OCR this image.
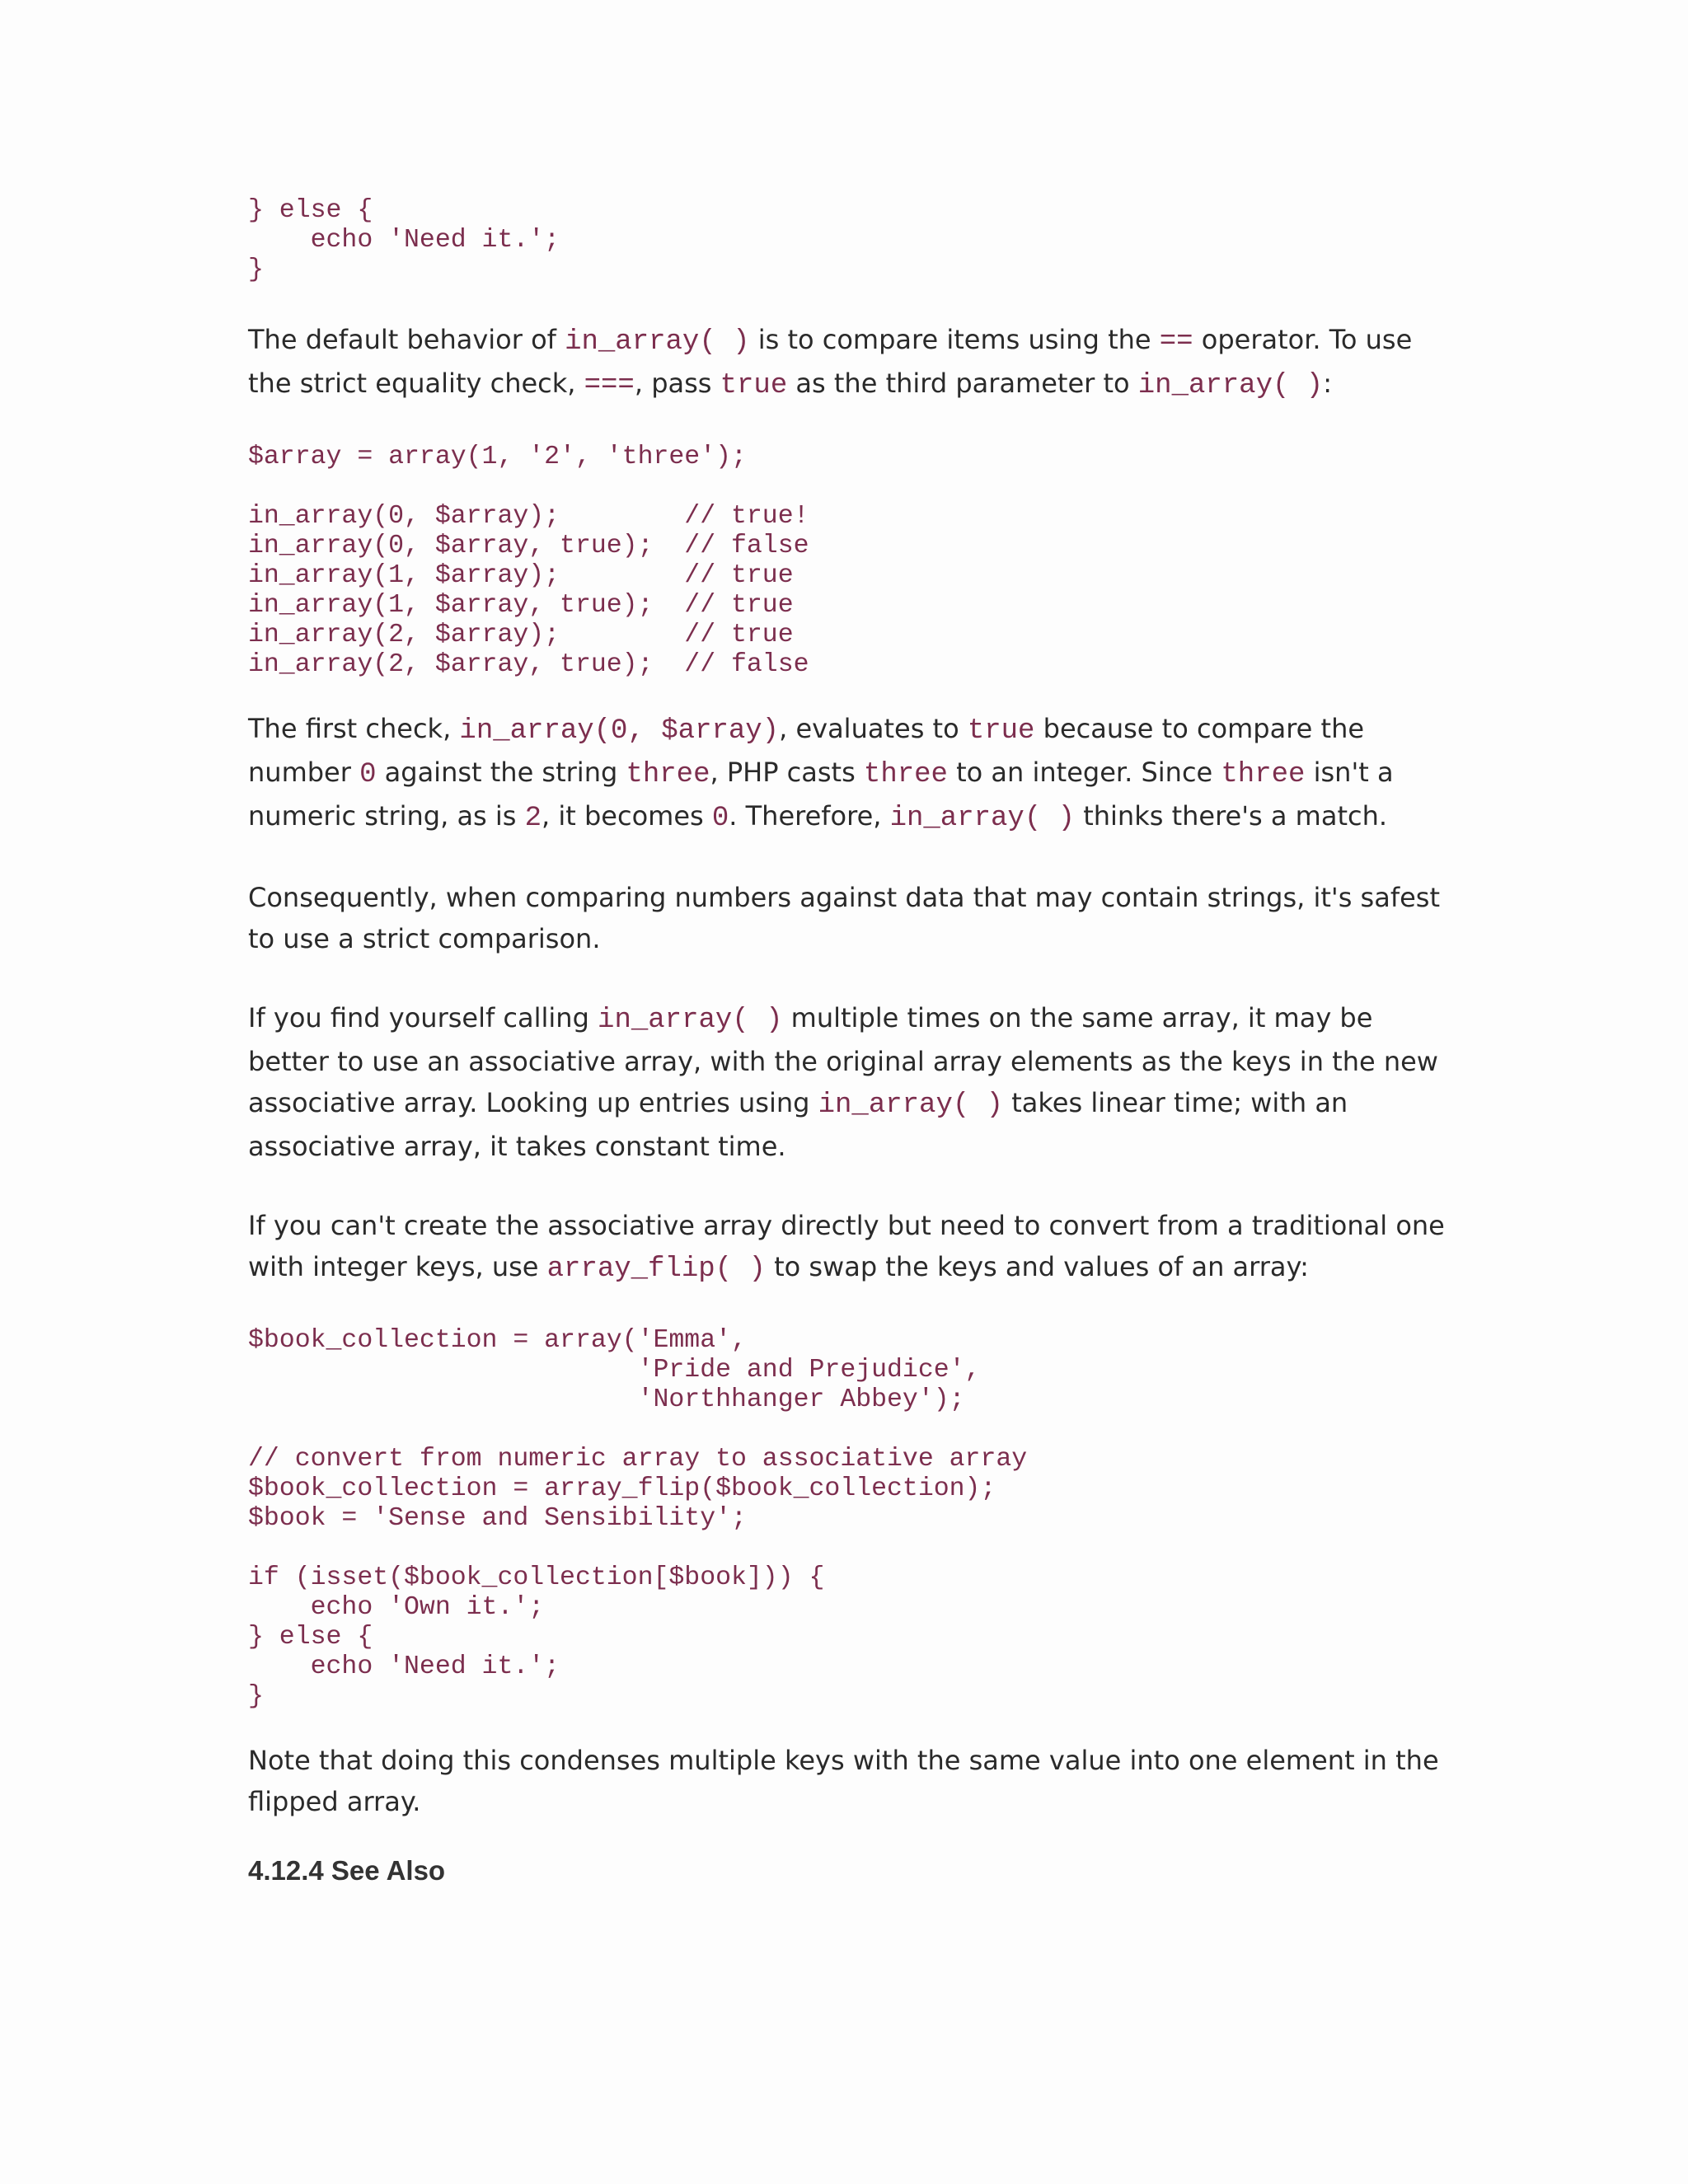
} else {
echo 'Need it.';
}

The default behavior of in_array( ) is to compare items using the == operator. To use the strict equality check, ===, pass true as the third parameter to in_array( ):

$array = array(1, '2', 'three');

in_array(0, $array);        // true!
in_array(0, $array, true);  // false
in_array(1, $array);        // true
in_array(1, $array, true);  // true
in_array(2, $array);        // true
in_array(2, $array, true);  // false

The first check, in_array(0, $array), evaluates to true because to compare the number 0 against the string three, PHP casts three to an integer. Since three isn't a numeric string, as is 2, it becomes 0. Therefore, in_array( ) thinks there's a match.

Consequently, when comparing numbers against data that may contain strings, it's safest to use a strict comparison.

If you find yourself calling in_array( ) multiple times on the same array, it may be better to use an associative array, with the original array elements as the keys in the new associative array. Looking up entries using in_array( ) takes linear time; with an associative array, it takes constant time.

If you can't create the associative array directly but need to convert from a traditional one with integer keys, use array_flip( ) to swap the keys and values of an array:

$book_collection = array('Emma',
'Pride and Prejudice',
'Northhanger Abbey');

// convert from numeric array to associative array
$book_collection = array_flip($book_collection);
$book = 'Sense and Sensibility';

if (isset($book_collection[$book])) {
echo 'Own it.';
} else {
echo 'Need it.';
}

Note that doing this condenses multiple keys with the same value into one element in the flipped array.

4.12.4 See Also
